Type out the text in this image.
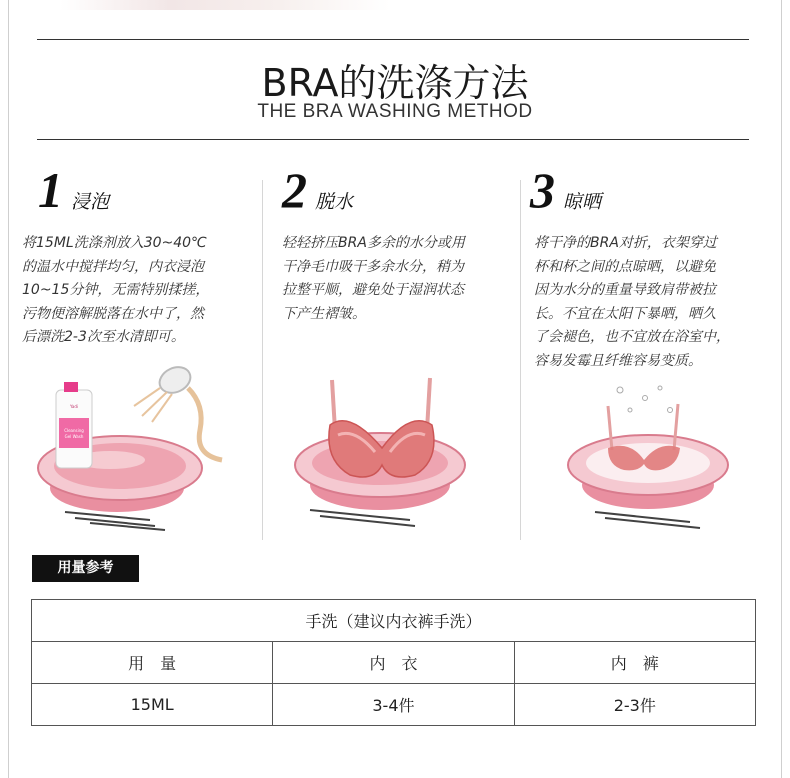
BRA的洗涤方法
THE BRA WASHING METHOD
1 浸泡
将15ML洗涤剂放入30~40℃
的温水中搅拌均匀，内衣浸泡
10~15分钟，无需特别揉搓，
污物便溶解脱落在水中了，然
后漂洗2-3次至水清即可。
2 脱水
轻轻挤压BRA多余的水分或用
干净毛巾吸干多余水分，稍为
拉整平顺，避免处于湿润状态
下产生褶皱。
3 晾晒
将干净的BRA对折，衣架穿过
杯和杯之间的点晾晒，以避免
因为水分的重量导致肩带被拉
长。不宜在太阳下暴晒，晒久
了会褪色，也不宜放在浴室中，
容易发霉且纤维容易变质。
Cleansing
Gel Wash
Yadi
用量参考
手洗（建议内衣裤手洗）		
用　量	内　衣	内　裤
15ML	3-4件	2-3件
